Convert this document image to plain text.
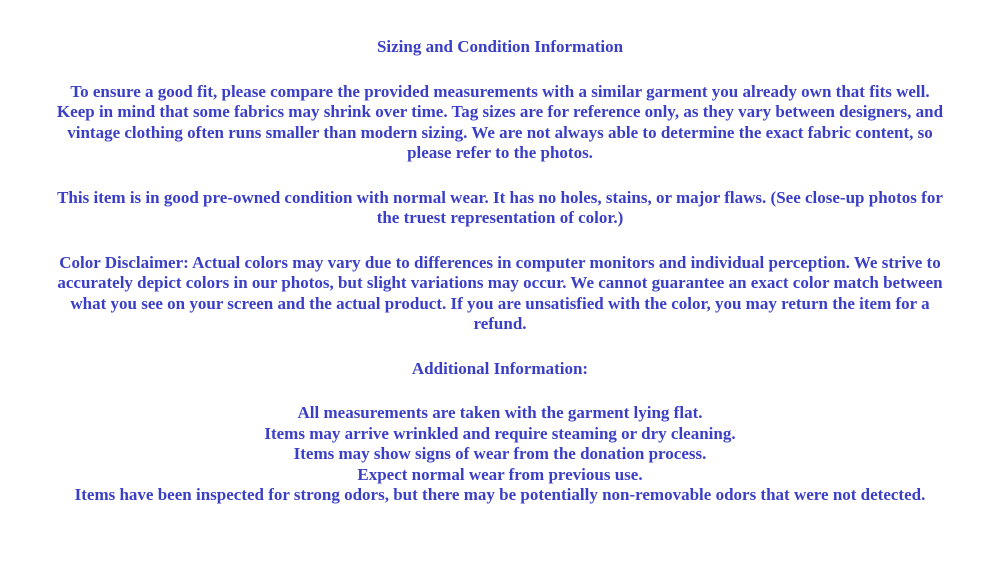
Sizing and Condition Information

To ensure a good fit, please compare the provided measurements with a similar garment you already own that fits well. Keep in mind that some fabrics may shrink over time. Tag sizes are for reference only, as they vary between designers, and vintage clothing often runs smaller than modern sizing. We are not always able to determine the exact fabric content, so please refer to the photos.

This item is in good pre-owned condition with normal wear. It has no holes, stains, or major flaws. (See close-up photos for the truest representation of color.)

Color Disclaimer: Actual colors may vary due to differences in computer monitors and individual perception. We strive to accurately depict colors in our photos, but slight variations may occur. We cannot guarantee an exact color match between what you see on your screen and the actual product. If you are unsatisfied with the color, you may return the item for a refund.

Additional Information:
All measurements are taken with the garment lying flat.
Items may arrive wrinkled and require steaming or dry cleaning.
Items may show signs of wear from the donation process.
Expect normal wear from previous use.
Items have been inspected for strong odors, but there may be potentially non-removable odors that were not detected.
